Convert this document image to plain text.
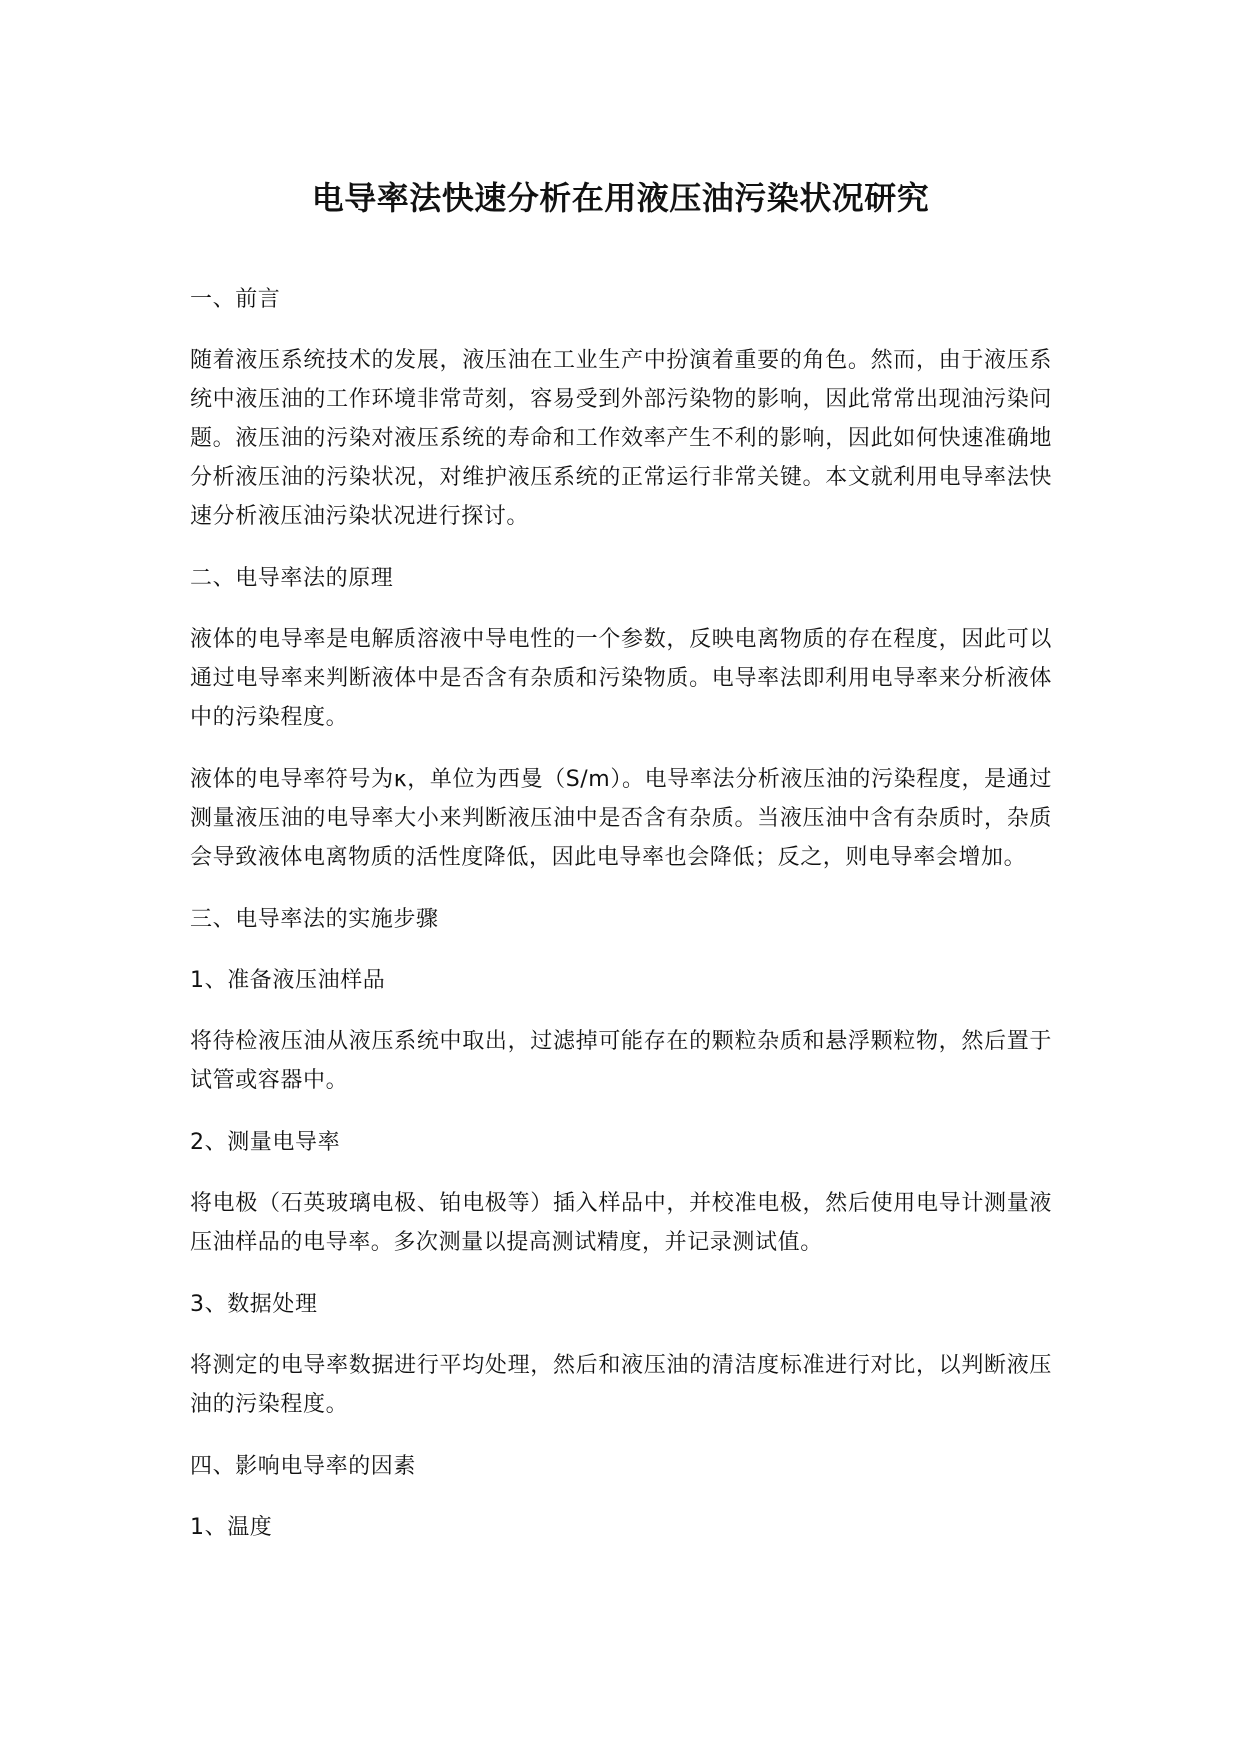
电导率法快速分析在用液压油污染状况研究

一、前言

随着液压系统技术的发展，液压油在工业生产中扮演着重要的角色。然而，由于液压系统中液压油的工作环境非常苛刻，容易受到外部污染物的影响，因此常常出现油污染问题。液压油的污染对液压系统的寿命和工作效率产生不利的影响，因此如何快速准确地分析液压油的污染状况，对维护液压系统的正常运行非常关键。本文就利用电导率法快速分析液压油污染状况进行探讨。

二、电导率法的原理

液体的电导率是电解质溶液中导电性的一个参数，反映电离物质的存在程度，因此可以通过电导率来判断液体中是否含有杂质和污染物质。电导率法即利用电导率来分析液体中的污染程度。

液体的电导率符号为κ，单位为西曼（S/m）。电导率法分析液压油的污染程度，是通过测量液压油的电导率大小来判断液压油中是否含有杂质。当液压油中含有杂质时，杂质会导致液体电离物质的活性度降低，因此电导率也会降低；反之，则电导率会增加。

三、电导率法的实施步骤

1、准备液压油样品

将待检液压油从液压系统中取出，过滤掉可能存在的颗粒杂质和悬浮颗粒物，然后置于试管或容器中。

2、测量电导率

将电极（石英玻璃电极、铂电极等）插入样品中，并校准电极，然后使用电导计测量液压油样品的电导率。多次测量以提高测试精度，并记录测试值。

3、数据处理

将测定的电导率数据进行平均处理，然后和液压油的清洁度标准进行对比，以判断液压油的污染程度。

四、影响电导率的因素

1、温度
